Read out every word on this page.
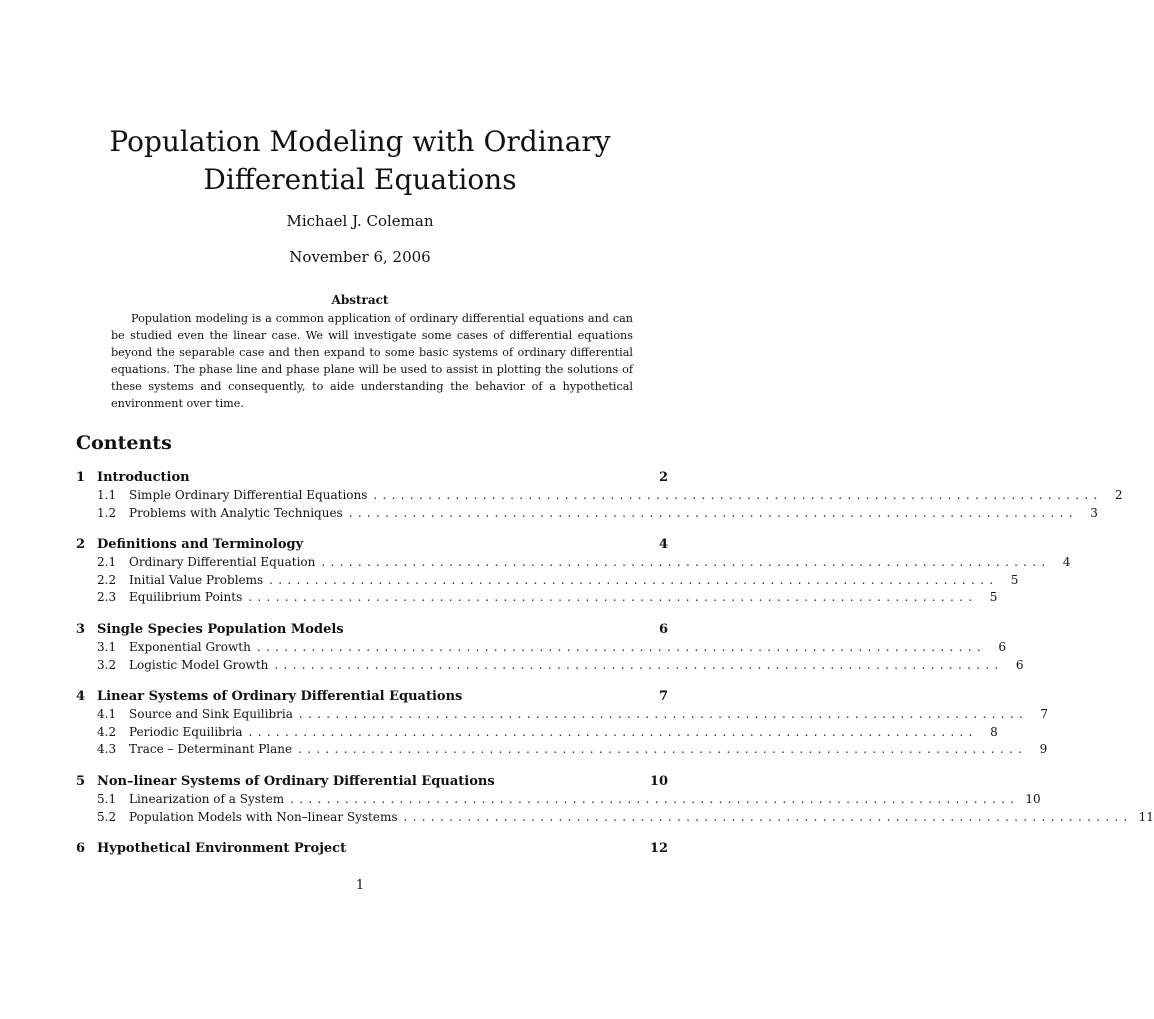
Population Modeling with Ordinary
Differential Equations
Michael J. Coleman
November 6, 2006
Abstract

Population modeling is a common application of ordinary differential equations and can be studied even the linear case. We will investigate some cases of differential equations beyond the separable case and then expand to some basic systems of ordinary differential equations. The phase line and phase plane will be used to assist in plotting the solutions of these systems and consequently, to aide understanding the behavior of a hypothetical environment over time.

Contents
1 Introduction	2
1.1	Simple Ordinary Differential Equations ................................................................................	2
1.2	Problems with Analytic Techniques ................................................................................	3
2 Definitions and Terminology	4
2.1	Ordinary Differential Equation ................................................................................	4
2.2	Initial Value Problems ................................................................................	5
2.3	Equilibrium Points ................................................................................	5
3 Single Species Population Models	6
3.1	Exponential Growth ................................................................................	6
3.2	Logistic Model Growth ................................................................................	6
4 Linear Systems of Ordinary Differential Equations	7
4.1	Source and Sink Equilibria ................................................................................	7
4.2	Periodic Equilibria ................................................................................	8
4.3	Trace – Determinant Plane ................................................................................	9
5 Non–linear Systems of Ordinary Differential Equations	10
5.1	Linearization of a System ................................................................................ 10
5.2	Population Models with Non–linear Systems ................................................................................ 11
6 Hypothetical Environment Project	12
1
